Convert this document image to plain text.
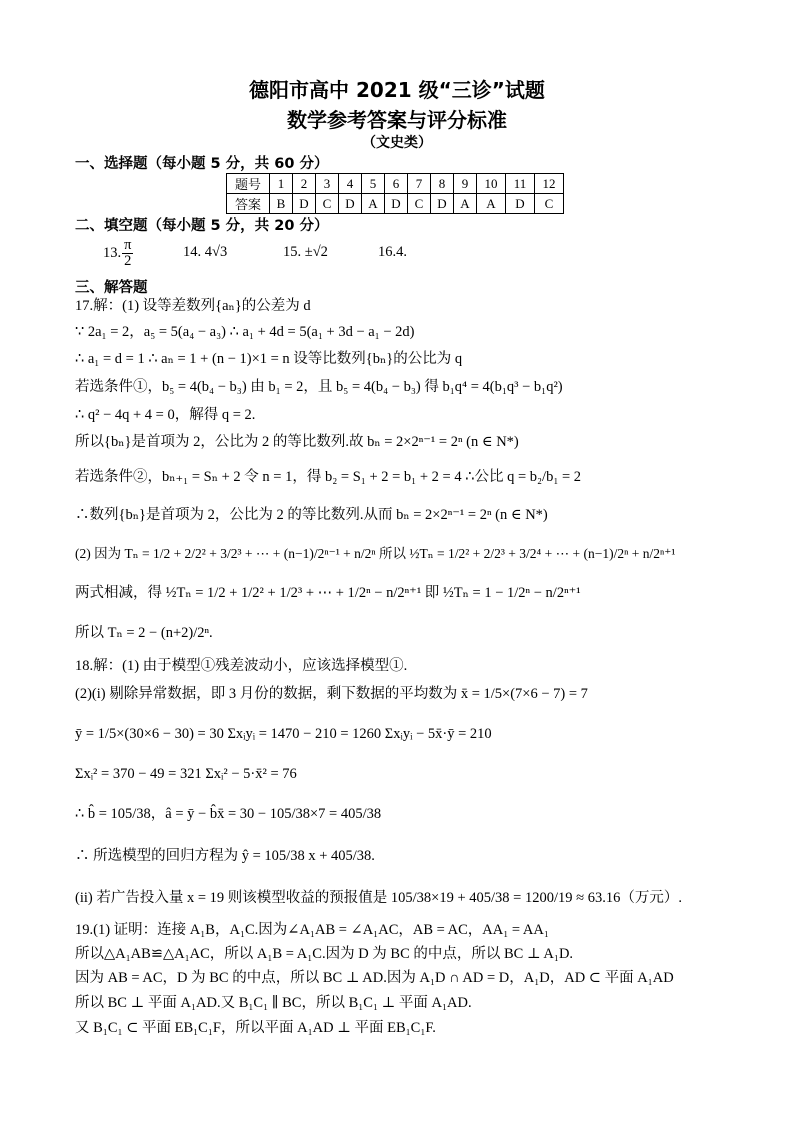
德阳市高中 2021 级“三诊”试题
数学参考答案与评分标准
（文史类）
一、选择题（每小题 5 分，共 60 分）
题号	1	2	3	4	5	6	7	8	9	10	11	12
答案	B	D	C	D	A	D	C	D	A	A	D	C
二、填空题（每小题 5 分，共 20 分）
13. $\frac{\pi}{2}$	14. 4√3	15. ±√2	16.4.
三、解答题
17.解：(1) 设等差数列{aₙ}的公差为 d
∵ 2a₁ = 2，a₅ = 5(a₄ − a₃) ∴ a₁ + 4d = 5(a₁ + 3d − a₁ − 2d)
∴ a₁ = d = 1 ∴ aₙ = 1 + (n − 1)×1 = n 设等比数列{bₙ}的公比为 q
若选条件①，b₅ = 4(b₄ − b₃) 由 b₁ = 2，且 b₅ = 4(b₄ − b₃) 得 b₁q⁴ = 4(b₁q³ − b₁q²)
∴ q² − 4q + 4 = 0，解得 q = 2.
所以{bₙ}是首项为 2，公比为 2 的等比数列.故 bₙ = 2×2ⁿ⁻¹ = 2ⁿ (n ∈ N*)
若选条件②，bₙ₊₁ = Sₙ + 2 令 n = 1，得 b₂ = S₁ + 2 = b₁ + 2 = 4 ∴公比 q = b₂/b₁ = 2
∴数列{bₙ}是首项为 2，公比为 2 的等比数列.从而 bₙ = 2×2ⁿ⁻¹ = 2ⁿ (n ∈ N*)
(2) 因为 Tₙ = 1/2 + 2/2² + 3/2³ + ⋯ + (n−1)/2ⁿ⁻¹ + n/2ⁿ 所以 ½Tₙ = 1/2² + 2/2³ + 3/2⁴ + ⋯ + (n−1)/2ⁿ + n/2ⁿ⁺¹
两式相减，得 ½Tₙ = 1/2 + 1/2² + 1/2³ + ⋯ + 1/2ⁿ − n/2ⁿ⁺¹ 即 ½Tₙ = 1 − 1/2ⁿ − n/2ⁿ⁺¹
所以 Tₙ = 2 − (n+2)/2ⁿ.
18.解：(1) 由于模型①残差波动小，应该选择模型①.
(2)(i) 剔除异常数据，即 3 月份的数据，剩下数据的平均数为 x̄ = 1/5×(7×6 − 7) = 7
ȳ = 1/5×(30×6 − 30) = 30 Σxᵢyᵢ = 1470 − 210 = 1260 Σxᵢyᵢ − 5x̄·ȳ = 210
Σxᵢ² = 370 − 49 = 321 Σxᵢ² − 5·x̄² = 76
∴ b̂ = 105/38，â = ȳ − b̂x̄ = 30 − 105/38×7 = 405/38
∴ 所选模型的回归方程为 ŷ = 105/38 x + 405/38.
(ii) 若广告投入量 x = 19 则该模型收益的预报值是 105/38×19 + 405/38 = 1200/19 ≈ 63.16（万元）.
19.(1) 证明：连接 A₁B，A₁C.因为∠A₁AB = ∠A₁AC，AB = AC，AA₁ = AA₁
所以△A₁AB≌△A₁AC，所以 A₁B = A₁C.因为 D 为 BC 的中点，所以 BC ⊥ A₁D.
因为 AB = AC，D 为 BC 的中点，所以 BC ⊥ AD.因为 A₁D ∩ AD = D，A₁D，AD ⊂ 平面 A₁AD
所以 BC ⊥ 平面 A₁AD.又 B₁C₁ ∥ BC，所以 B₁C₁ ⊥ 平面 A₁AD.
又 B₁C₁ ⊂ 平面 EB₁C₁F，所以平面 A₁AD ⊥ 平面 EB₁C₁F.
